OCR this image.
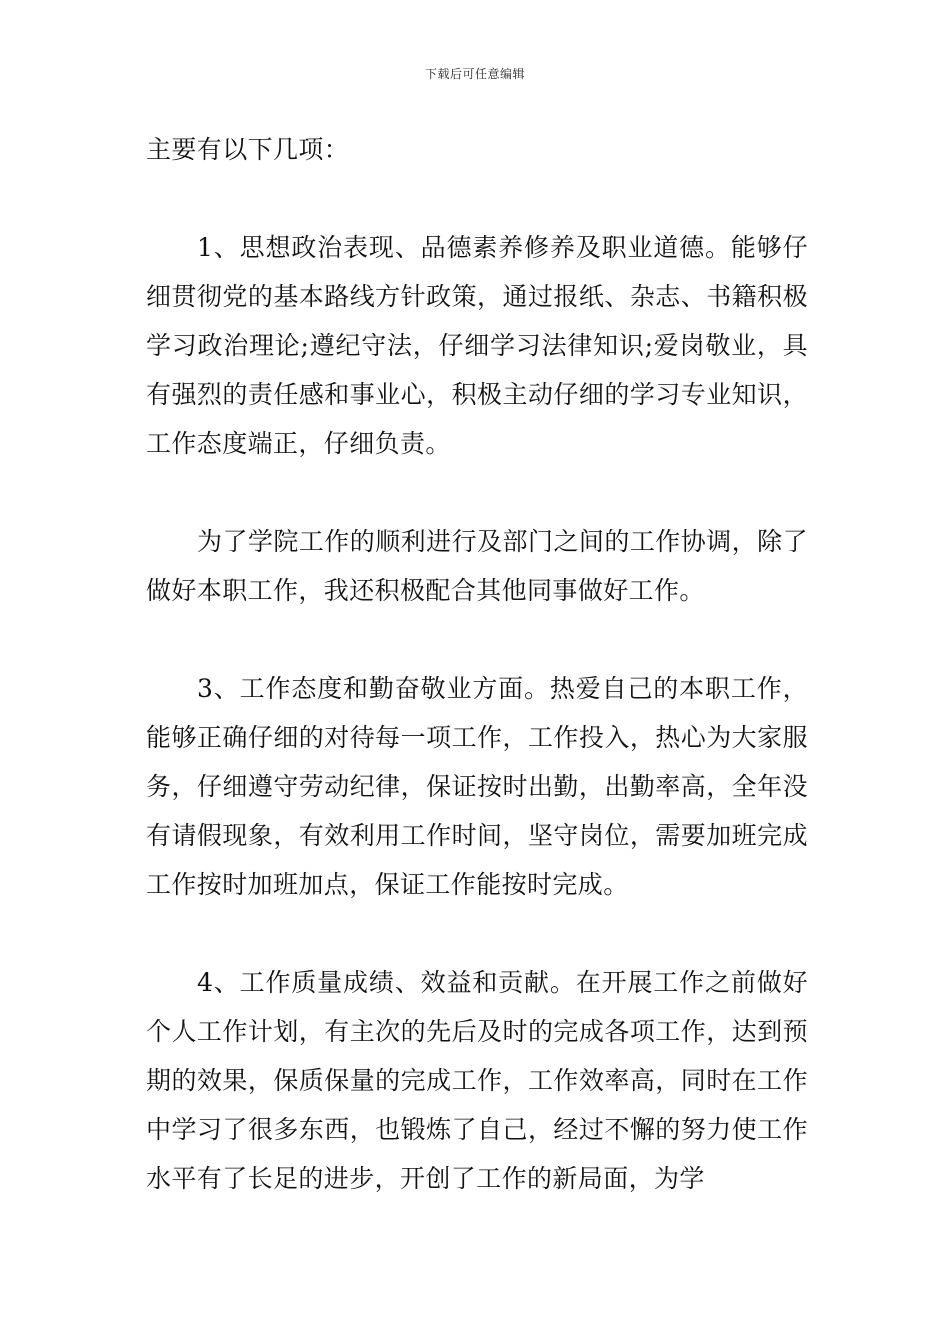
下载后可任意编辑

主要有以下几项：

1、思想政治表现、品德素养修养及职业道德。能够仔细贯彻党的基本路线方针政策，通过报纸、杂志、书籍积极学习政治理论;遵纪守法，仔细学习法律知识;爱岗敬业，具有强烈的责任感和事业心，积极主动仔细的学习专业知识，工作态度端正，仔细负责。

为了学院工作的顺利进行及部门之间的工作协调，除了做好本职工作，我还积极配合其他同事做好工作。

3、工作态度和勤奋敬业方面。热爱自己的本职工作，能够正确仔细的对待每一项工作，工作投入，热心为大家服务，仔细遵守劳动纪律，保证按时出勤，出勤率高，全年没有请假现象，有效利用工作时间，坚守岗位，需要加班完成工作按时加班加点，保证工作能按时完成。

4、工作质量成绩、效益和贡献。在开展工作之前做好个人工作计划，有主次的先后及时的完成各项工作，达到预期的效果，保质保量的完成工作，工作效率高，同时在工作中学习了很多东西，也锻炼了自己，经过不懈的努力使工作水平有了长足的进步，开创了工作的新局面，为学
